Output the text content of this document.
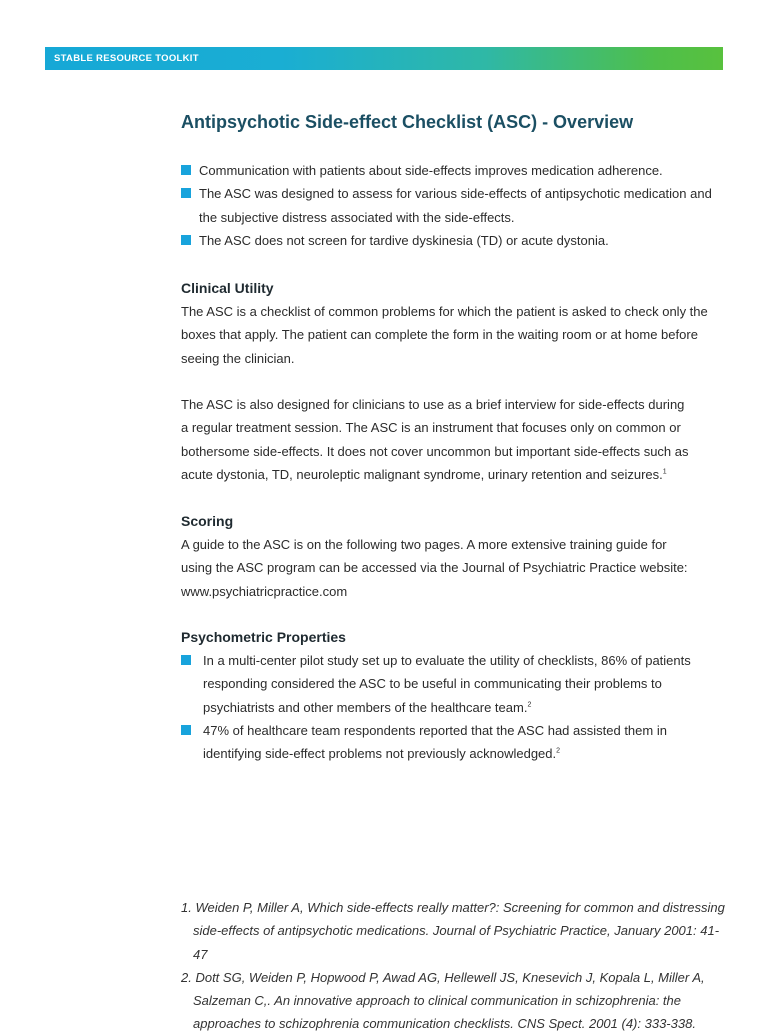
STABLE RESOURCE TOOLKIT
Antipsychotic Side-effect Checklist (ASC) - Overview
Communication with patients about side-effects improves medication adherence.
The ASC was designed to assess for various side-effects of antipsychotic medication and the subjective distress associated with the side-effects.
The ASC does not screen for tardive dyskinesia (TD) or acute dystonia.
Clinical Utility

The ASC is a checklist of common problems for which the patient is asked to check only the boxes that apply. The patient can complete the form in the waiting room or at home before seeing the clinician.

The ASC is also designed for clinicians to use as a brief interview for side-effects during

a regular treatment session. The ASC is an instrument that focuses only on common or

bothersome side-effects. It does not cover uncommon but important side-effects such as

acute dystonia, TD, neuroleptic malignant syndrome, urinary retention and seizures.$^1$

Scoring

A guide to the ASC is on the following two pages. A more extensive training guide for

using the ASC program can be accessed via the Journal of Psychiatric Practice website:

www.psychiatricpractice.com

Psychometric Properties
In a multi-center pilot study set up to evaluate the utility of checklists, 86% of patients responding considered the ASC to be useful in communicating their problems to psychiatrists and other members of the healthcare team.$^2$
47% of healthcare team respondents reported that the ASC had assisted them in identifying side-effect problems not previously acknowledged.$^2$

1. Weiden P, Miller A, Which side-effects really matter?: Screening for common and distressing side-effects of antipsychotic medications. Journal of Psychiatric Practice, January 2001: 41-47

2. Dott SG, Weiden P, Hopwood P, Awad AG, Hellewell JS, Knesevich J, Kopala L, Miller A, Salzeman C,. An innovative approach to clinical communication in schizophrenia: the approaches to schizophrenia communication checklists. CNS Spect. 2001 (4): 333-338.
